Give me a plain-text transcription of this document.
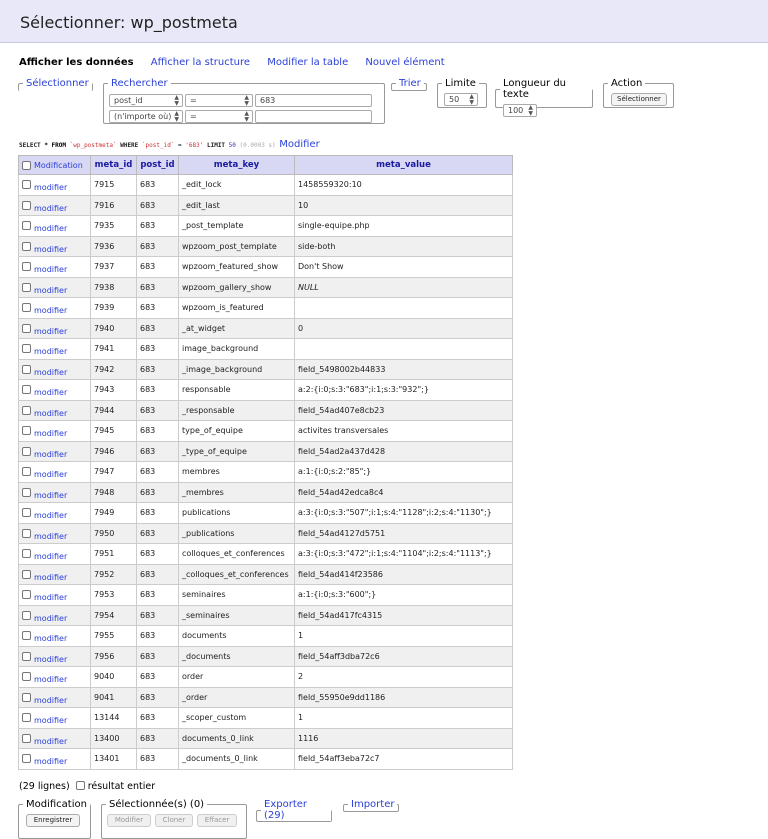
Sélectionner: wp_postmeta
Afficher les données Afficher la structure Modifier la table Nouvel élément
Sélectionner	Rechercher
post_id	▲
▼	=	▲
▼	683
(n'importe où) ▲
▼	=	▲
▼
Trier	Limite
50 ▲
▼
Longueur du texte
100 ▲
▼
Action
Sélectionner
SELECT * FROM `wp_postmeta` WHERE `post_id` = '683' LIMIT 50 (0.0003 s) Modifier
Modification	meta_id	post_id	meta_key	meta_value
modifier	7915	683	_edit_lock	1458559320:10
modifier	7916	683	_edit_last	10
modifier	7935	683	_post_template	single-equipe.php
modifier	7936	683	wpzoom_post_template	side-both
modifier	7937	683	wpzoom_featured_show	Don't Show
modifier	7938	683	wpzoom_gallery_show	NULL
modifier	7939	683	wpzoom_is_featured	
modifier	7940	683	_at_widget	0
modifier	7941	683	image_background	
modifier	7942	683	_image_background	field_5498002b44833
modifier	7943	683	responsable	a:2:{i:0;s:3:"683";i:1;s:3:"932";}
modifier	7944	683	_responsable	field_54ad407e8cb23
modifier	7945	683	type_of_equipe	activites transversales
modifier	7946	683	_type_of_equipe	field_54ad2a437d428
modifier	7947	683	membres	a:1:{i:0;s:2:"85";}
modifier	7948	683	_membres	field_54ad42edca8c4
modifier	7949	683	publications	a:3:{i:0;s:3:"507";i:1;s:4:"1128";i:2;s:4:"1130";}
modifier	7950	683	_publications	field_54ad4127d5751
modifier	7951	683	colloques_et_conferences	a:3:{i:0;s:3:"472";i:1;s:4:"1104";i:2;s:4:"1113";}
modifier	7952	683	_colloques_et_conferences	field_54ad414f23586
modifier	7953	683	seminaires	a:1:{i:0;s:3:"600";}
modifier	7954	683	_seminaires	field_54ad417fc4315
modifier	7955	683	documents	1
modifier	7956	683	_documents	field_54aff3dba72c6
modifier	9040	683	order	2
modifier	9041	683	_order	field_55950e9dd1186
modifier	13144	683	_scoper_custom	1
modifier	13400	683	documents_0_link	1116
modifier	13401	683	_documents_0_link	field_54aff3eba72c7
(29 lignes) résultat entier
Modification
Enregistrer
Sélectionnée(s) (0)
Modifier	Cloner	Effacer
Exporter (29)
Importer
